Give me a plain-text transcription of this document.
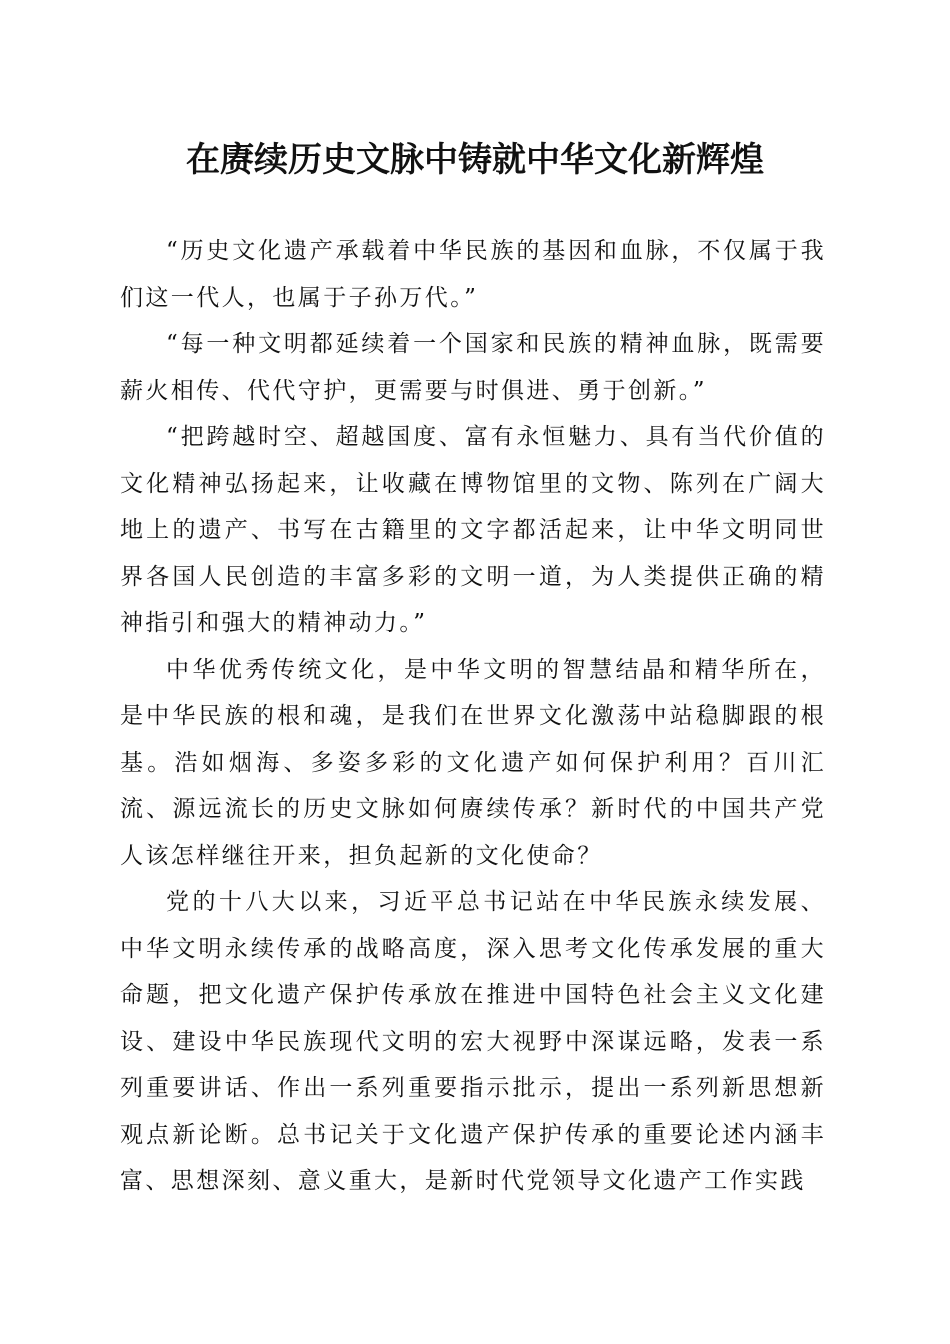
在赓续历史文脉中铸就中华文化新辉煌

“历史文化遗产承载着中华民族的基因和血脉，不仅属于我们这一代人，也属于子孙万代。”

“每一种文明都延续着一个国家和民族的精神血脉，既需要薪火相传、代代守护，更需要与时俱进、勇于创新。”

“把跨越时空、超越国度、富有永恒魅力、具有当代价值的文化精神弘扬起来，让收藏在博物馆里的文物、陈列在广阔大地上的遗产、书写在古籍里的文字都活起来，让中华文明同世界各国人民创造的丰富多彩的文明一道，为人类提供正确的精神指引和强大的精神动力。”

中华优秀传统文化，是中华文明的智慧结晶和精华所在，是中华民族的根和魂，是我们在世界文化激荡中站稳脚跟的根基。浩如烟海、多姿多彩的文化遗产如何保护利用？百川汇流、源远流长的历史文脉如何赓续传承？新时代的中国共产党人该怎样继往开来，担负起新的文化使命？

党的十八大以来，习近平总书记站在中华民族永续发展、中华文明永续传承的战略高度，深入思考文化传承发展的重大命题，把文化遗产保护传承放在推进中国特色社会主义文化建设、建设中华民族现代文明的宏大视野中深谋远略，发表一系列重要讲话、作出一系列重要指示批示，提出一系列新思想新观点新论断。总书记关于文化遗产保护传承的重要论述内涵丰富、思想深刻、意义重大，是新时代党领导文化遗产工作实践
